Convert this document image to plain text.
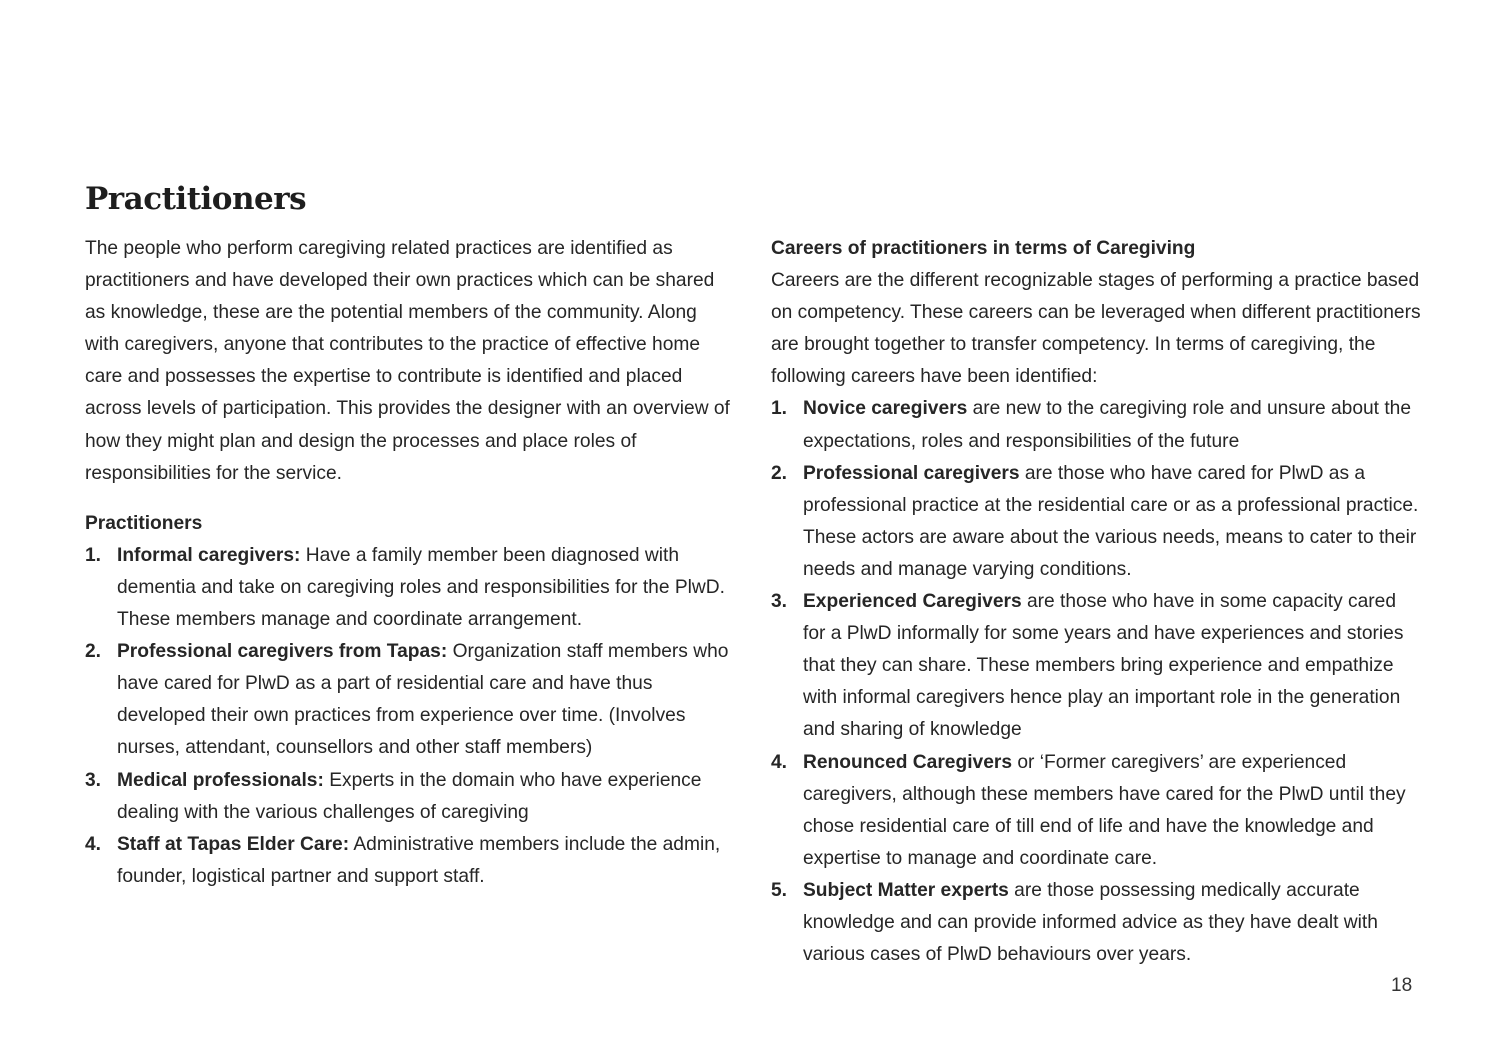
Practitioners

The people who perform caregiving related practices are identified as practitioners and have developed their own practices which can be shared as knowledge, these are the potential members of the community. Along with caregivers, anyone that contributes to the practice of effective home care and possesses the expertise to contribute is identified and placed across levels of participation. This provides the designer with an overview of how they might plan and design the processes and place roles of responsibilities for the service.

Practitioners

1. Informal caregivers: Have a family member been diagnosed with dementia and take on caregiving roles and responsibilities for the PlwD. These members manage and coordinate arrangement.
2. Professional caregivers from Tapas: Organization staff members who have cared for PlwD as a part of residential care and have thus developed their own practices from experience over time. (Involves nurses, attendant, counsellors and other staff members)
3. Medical professionals: Experts in the domain who have experience dealing with the various challenges of caregiving
4. Staff at Tapas Elder Care: Administrative members include the admin, founder, logistical partner and support staff.

Careers of practitioners in terms of Caregiving

Careers are the different recognizable stages of performing a practice based on competency. These careers can be leveraged when different practitioners are brought together to transfer competency. In terms of caregiving, the following careers have been identified:

1. Novice caregivers are new to the caregiving role and unsure about the expectations, roles and responsibilities of the future
2. Professional caregivers are those who have cared for PlwD as a professional practice at the residential care or as a professional practice. These actors are aware about the various needs, means to cater to their needs and manage varying conditions.
3. Experienced Caregivers are those who have in some capacity cared for a PlwD informally for some years and have experiences and stories that they can share. These members bring experience and empathize with informal caregivers hence play an important role in the generation and sharing of knowledge
4. Renounced Caregivers or ‘Former caregivers’ are experienced caregivers, although these members have cared for the PlwD until they chose residential care of till end of life and have the knowledge and expertise to manage and coordinate care.
5. Subject Matter experts are those possessing medically accurate knowledge and can provide informed advice as they have dealt with various cases of PlwD behaviours over years.
18
